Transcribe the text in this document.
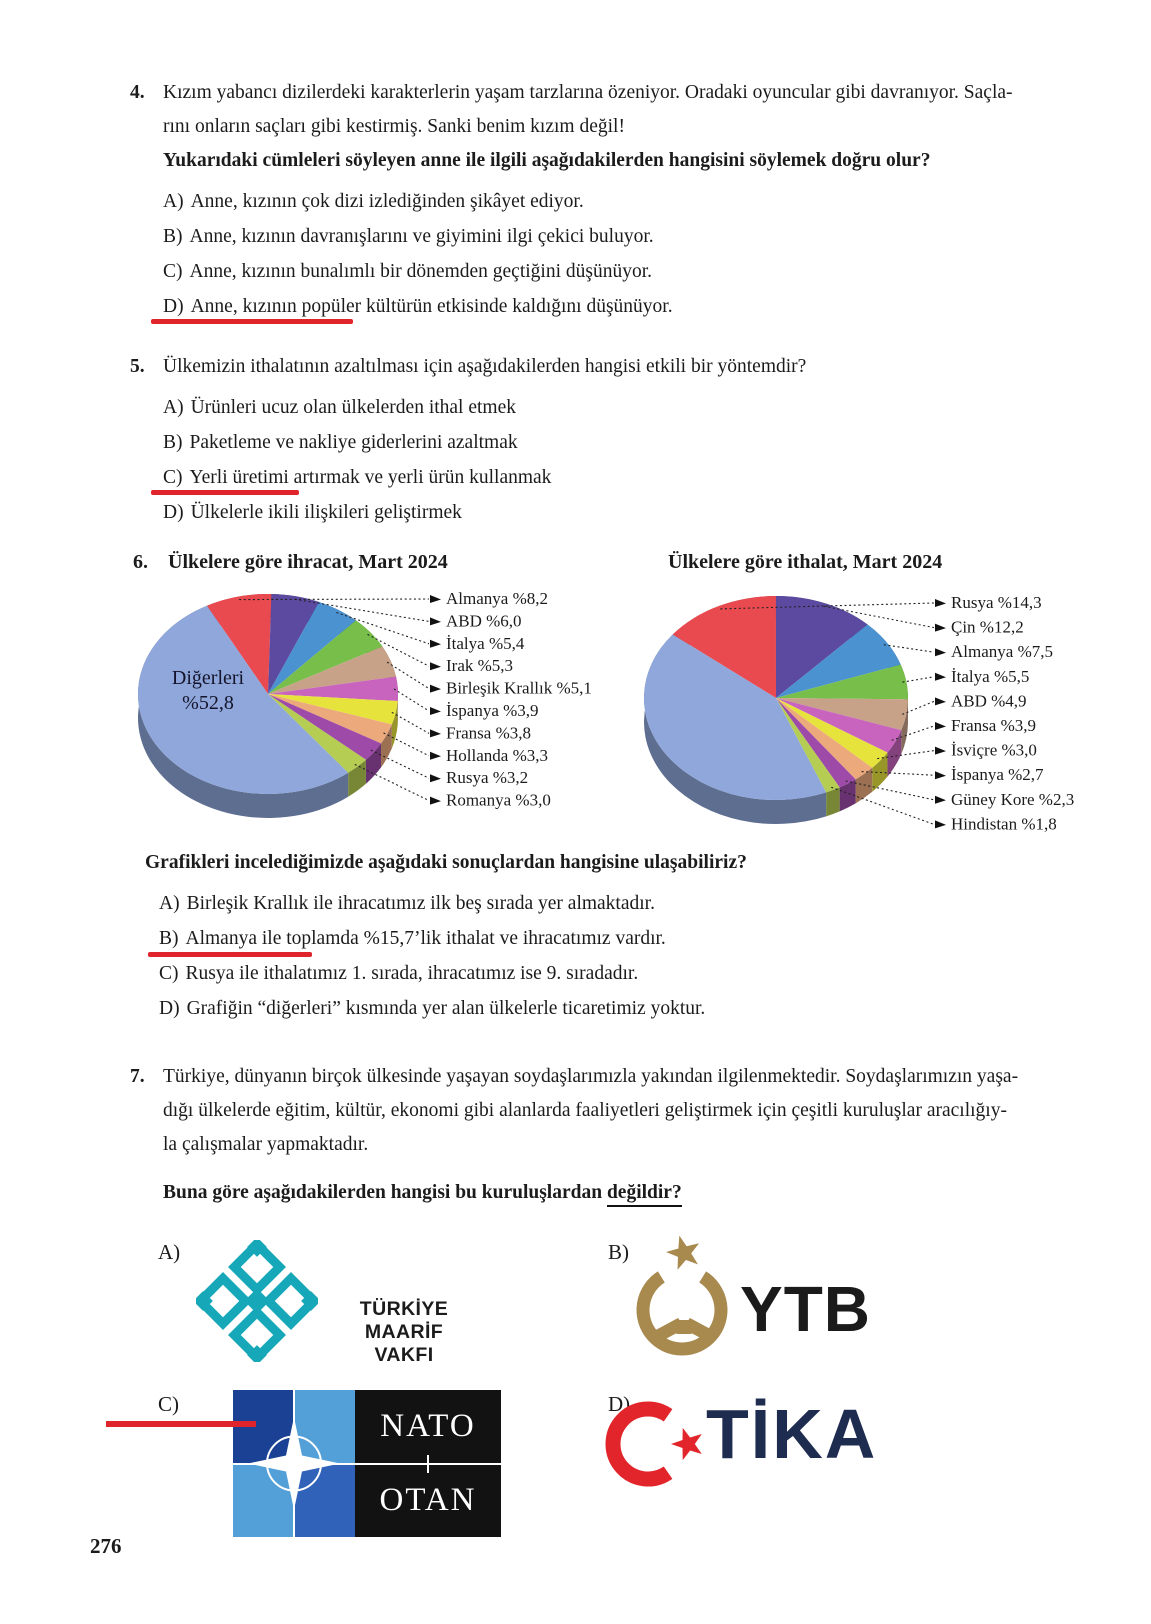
4. Kızım yabancı dizilerdeki karakterlerin yaşam tarzlarına özeniyor. Oradaki oyuncular gibi davranıyor. Saçla-
rını onların saçları gibi kestirmiş. Sanki benim kızım değil!
Yukarıdaki cümleleri söyleyen anne ile ilgili aşağıdakilerden hangisini söylemek doğru olur?
A) Anne, kızının çok dizi izlediğinden şikâyet ediyor.
B) Anne, kızının davranışlarını ve giyimini ilgi çekici buluyor.
C) Anne, kızının bunalımlı bir dönemden geçtiğini düşünüyor.
D) Anne, kızının popüler kültürün etkisinde kaldığını düşünüyor.
5. Ülkemizin ithalatının azaltılması için aşağıdakilerden hangisi etkili bir yöntemdir?
A) Ürünleri ucuz olan ülkelerden ithal etmek
B) Paketleme ve nakliye giderlerini azaltmak
C) Yerli üretimi artırmak ve yerli ürün kullanmak
D) Ülkelerle ikili ilişkileri geliştirmek
6. Ülkelere göre ihracat, Mart 2024	Ülkelere göre ithalat, Mart 2024
Almanya %8,2
ABD %6,0
İtalya %5,4
Irak %5,3
Birleşik Krallık %5,1
İspanya %3,9
Fransa %3,8
Hollanda %3,3
Rusya %3,2
Romanya %3,0
Diğerleri
%52,8
Rusya %14,3
Çin %12,2
Almanya %7,5
İtalya %5,5
ABD %4,9
Fransa %3,9
İsviçre %3,0
İspanya %2,7
Güney Kore %2,3
Hindistan %1,8
Grafikleri incelediğimizde aşağıdaki sonuçlardan hangisine ulaşabiliriz?
A) Birleşik Krallık ile ihracatımız ilk beş sırada yer almaktadır.
B) Almanya ile toplamda %15,7’lik ithalat ve ihracatımız vardır.
C) Rusya ile ithalatımız 1. sırada, ihracatımız ise 9. sıradadır.
D) Grafiğin “diğerleri” kısmında yer alan ülkelerle ticaretimiz yoktur.
7. Türkiye, dünyanın birçok ülkesinde yaşayan soydaşlarımızla yakından ilgilenmektedir. Soydaşlarımızın yaşa-
dığı ülkelerde eğitim, kültür, ekonomi gibi alanlarda faaliyetleri geliştirmek için çeşitli kuruluşlar aracılığıy-
la çalışmalar yapmaktadır.
Buna göre aşağıdakilerden hangisi bu kuruluşlardan değildir?
A)	B)
C)	D)
TÜRKİYE MAARİF
VAKFI
YTB
NATO
OTAN
TİKA
276
